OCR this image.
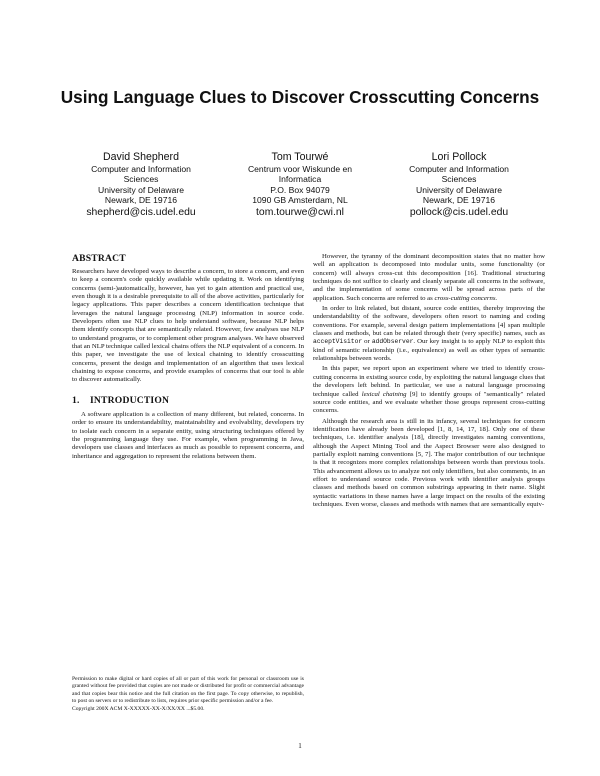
Using Language Clues to Discover Crosscutting Concerns
David Shepherd
Computer and Information
Sciences
University of Delaware
Newark, DE 19716
shepherd@cis.udel.edu
Tom Tourwé
Centrum voor Wiskunde en
Informatica
P.O. Box 94079
1090 GB Amsterdam, NL
tom.tourwe@cwi.nl
Lori Pollock
Computer and Information
Sciences
University of Delaware
Newark, DE 19716
pollock@cis.udel.edu
ABSTRACT

Researchers have developed ways to describe a concern, to store a concern, and even to keep a concern's code quickly available while updating it. Work on identifying concerns (semi-)automatically, however, has yet to gain attention and practical use, even though it is a desirable prerequisite to all of the above activities, particularly for legacy applications. This paper describes a concern identification technique that leverages the natural language processing (NLP) information in source code. Developers often use NLP clues to help understand software, because NLP helps them identify concepts that are semantically related. However, few analyses use NLP to understand programs, or to complement other program analyses. We have observed that an NLP technique called lexical chains offers the NLP equivalent of a concern. In this paper, we investigate the use of lexical chaining to identify crosscutting concerns, present the design and implementation of an algorithm that uses lexical chaining to expose concerns, and provide examples of concerns that our tool is able to discover automatically.

1. INTRODUCTION

A software application is a collection of many different, but related, concerns. In order to ensure its understandability, maintainability and evolvability, developers try to isolate each concern in a separate entity, using structuring techniques offered by the programming language they use. For example, when programming in Java, developers use classes and interfaces as much as possible to represent concerns, and inheritance and aggregation to represent the relations between them.

Permission to make digital or hard copies of all or part of this work for personal or classroom use is granted without fee provided that copies are not made or distributed for profit or commercial advantage and that copies bear this notice and the full citation on the first page. To copy otherwise, to republish, to post on servers or to redistribute to lists, requires prior specific permission and/or a fee.
Copyright 200X ACM X-XXXXX-XX-X/XX/XX ...$5.00.

However, the tyranny of the dominant decomposition states that no matter how well an application is decomposed into modular units, some functionality (or concern) will always cross-cut this decomposition [16]. Traditional structuring techniques do not suffice to clearly and cleanly separate all concerns in the software, and the implementation of some concerns will be spread across parts of the application. Such concerns are referred to as cross-cutting concerns.

In order to link related, but distant, source code entities, thereby improving the understandability of the software, developers often resort to naming and coding conventions. For example, several design pattern implementations [4] span multiple classes and methods, but can be related through their (very specific) names, such as acceptVisitor or addObserver. Our key insight is to apply NLP to exploit this kind of semantic relationship (i.e., equivalence) as well as other types of semantic relationships between words.

In this paper, we report upon an experiment where we tried to identify cross-cutting concerns in existing source code, by exploiting the natural language clues that the developers left behind. In particular, we use a natural language processing technique called lexical chaining [9] to identify groups of "semantically" related source code entities, and we evaluate whether those groups represent cross-cutting concerns.

Although the research area is still in its infancy, several techniques for concern identification have already been developed [1, 8, 14, 17, 18]. Only one of these techniques, i.e. identifier analysis [18], directly investigates naming conventions, although the Aspect Mining Tool and the Aspect Browser were also designed to partially exploit naming conventions [5, 7]. The major contribution of our technique is that it recognizes more complex relationships between words than previous tools. This advancement allows us to analyze not only identifiers, but also comments, in an effort to understand source code. Previous work with identifier analysis groups classes and methods based on common substrings appearing in their name. Slight syntactic variations in these names have a large impact on the results of the existing techniques. Even worse, classes and methods with names that are semantically equiv-

1
